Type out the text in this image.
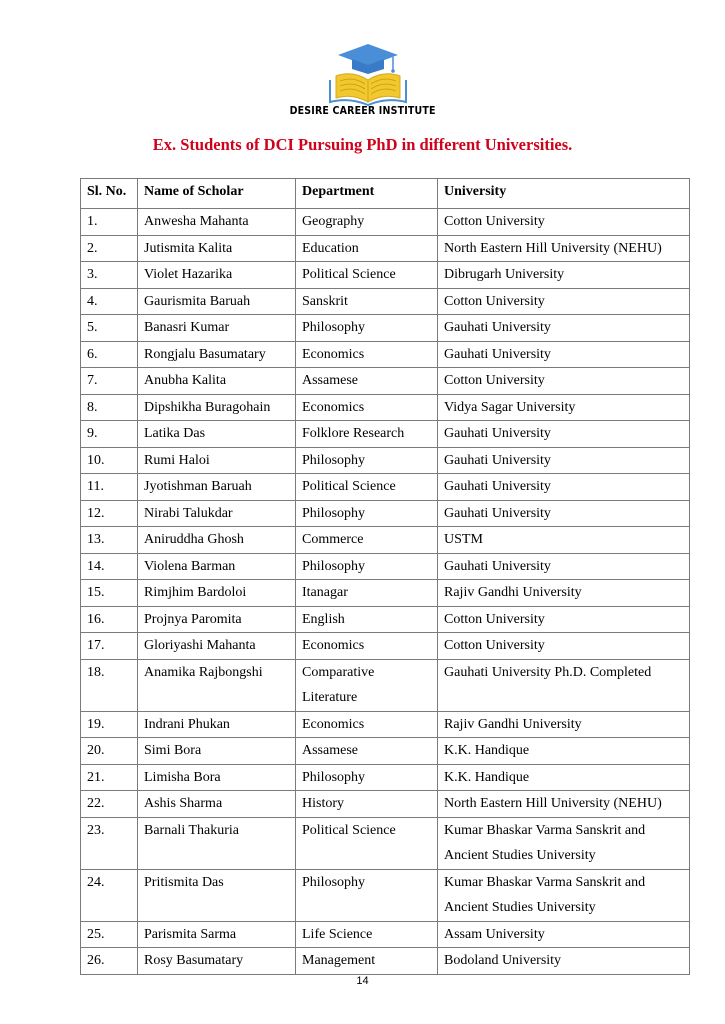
DESIRE CAREER INSTITUTE
Ex. Students of DCI Pursuing PhD in different Universities.
Sl. No.	Name of Scholar	Department	University
1.	Anwesha Mahanta	Geography	Cotton University
2.	Jutismita Kalita	Education	North Eastern Hill University (NEHU)
3.	Violet Hazarika	Political Science	Dibrugarh University
4.	Gaurismita Baruah	Sanskrit	Cotton University
5.	Banasri Kumar	Philosophy	Gauhati University
6.	Rongjalu Basumatary	Economics	Gauhati University
7.	Anubha Kalita	Assamese	Cotton University
8.	Dipshikha Buragohain	Economics	Vidya Sagar University
9.	Latika Das	Folklore Research	Gauhati University
10.	Rumi Haloi	Philosophy	Gauhati University
11.	Jyotishman Baruah	Political Science	Gauhati University
12.	Nirabi Talukdar	Philosophy	Gauhati University
13.	Aniruddha Ghosh	Commerce	USTM
14.	Violena Barman	Philosophy	Gauhati University
15.	Rimjhim Bardoloi	Itanagar	Rajiv Gandhi University
16.	Projnya Paromita	English	Cotton University
17.	Gloriyashi Mahanta	Economics	Cotton University
18.	Anamika Rajbongshi	Comparative Literature	Gauhati University Ph.D. Completed
19.	Indrani Phukan	Economics	Rajiv Gandhi University
20.	Simi Bora	Assamese	K.K. Handique
21.	Limisha Bora	Philosophy	K.K. Handique
22.	Ashis Sharma	History	North Eastern Hill University (NEHU)
23.	Barnali Thakuria	Political Science	Kumar Bhaskar Varma Sanskrit and Ancient Studies University
24.	Pritismita Das	Philosophy	Kumar Bhaskar Varma Sanskrit and Ancient Studies University
25.	Parismita Sarma	Life Science	Assam University
26.	Rosy Basumatary	Management	Bodoland University
14
